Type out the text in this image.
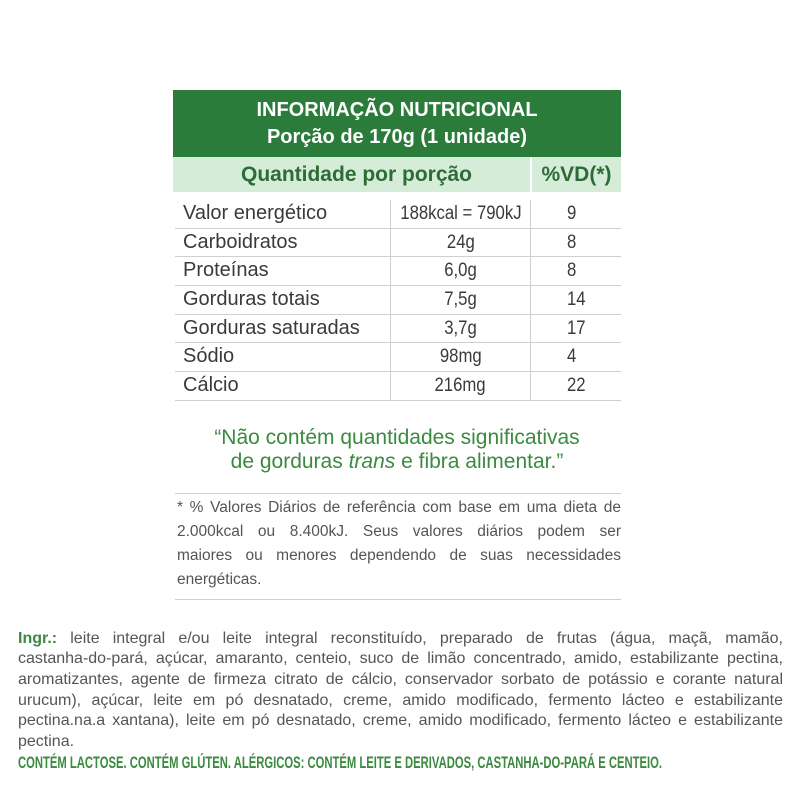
INFORMAÇÃO NUTRICIONAL
Porção de 170g (1 unidade)
Quantidade por porção	%VD(*)
Valor energético	188kcal = 790kJ	9
Carboidratos	24g	8
Proteínas	6,0g	8
Gorduras totais	7,5g	14
Gorduras saturadas	3,7g	17
Sódio	98mg	4
Cálcio	216mg	22
“Não contém quantidades significativas
de gorduras trans e fibra alimentar.”
* % Valores Diários de referência com base em uma dieta de
2.000kcal ou 8.400kJ. Seus valores diários podem ser
maiores ou menores dependendo de suas necessidades
energéticas.
Ingr.: leite integral e/ou leite integral reconstituído, preparado de frutas (água, maçã, mamão,
castanha-do-pará, açúcar, amaranto, centeio, suco de limão concentrado, amido, estabilizante pectina,
aromatizantes, agente de firmeza citrato de cálcio, conservador sorbato de potássio e corante natural
urucum), açúcar, leite em pó desnatado, creme, amido modificado, fermento lácteo e estabilizante
pectina.na.a xantana), leite em pó desnatado, creme, amido modificado, fermento lácteo e estabilizante
pectina.
CONTÉM LACTOSE. CONTÉM GLÚTEN. ALÉRGICOS: CONTÉM LEITE E DERIVADOS, CASTANHA-DO-PARÁ E CENTEIO.
